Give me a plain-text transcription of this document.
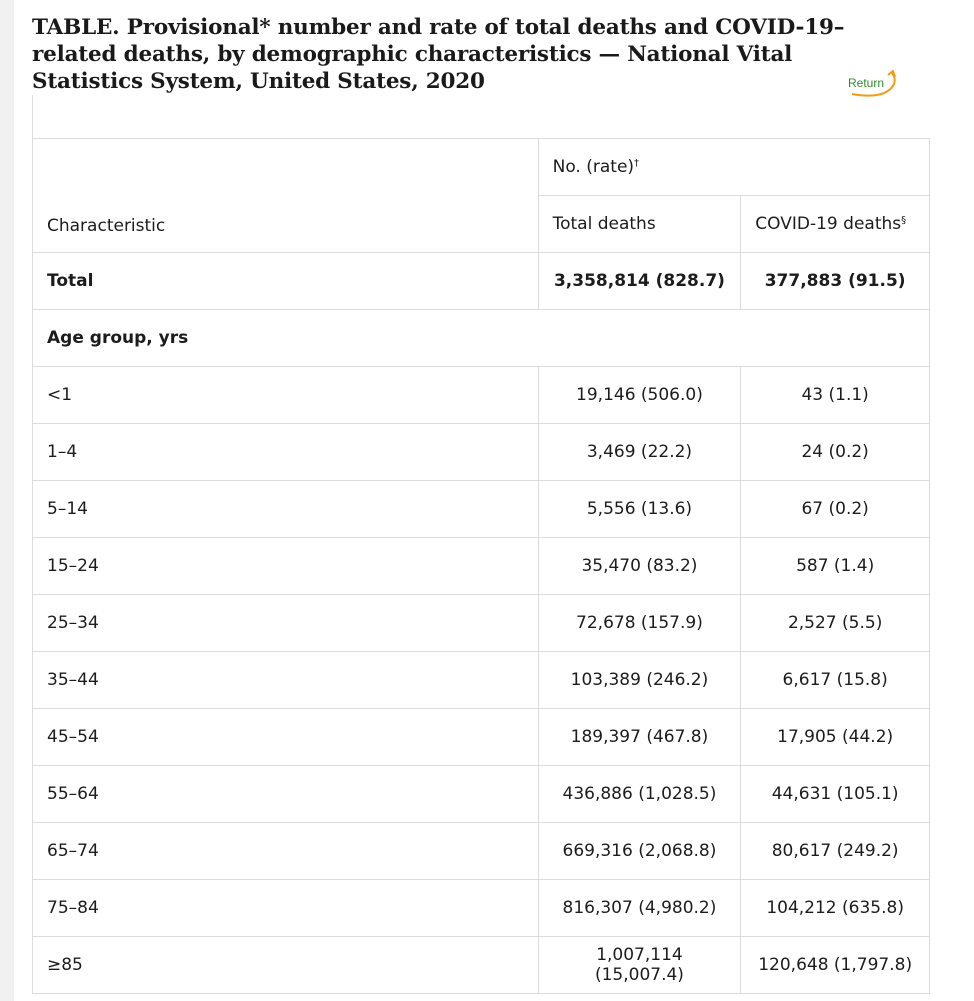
TABLE. Provisional* number and rate of total deaths and COVID-19–related deaths, by demographic characteristics — National Vital Statistics System, United States, 2020	Return
Characteristic	No. (rate)†
	Total deaths	COVID-19 deaths§
Total	3,358,814 (828.7)	377,883 (91.5)
Age group, yrs		
<1	19,146 (506.0)	43 (1.1)
1–4	3,469 (22.2)	24 (0.2)
5–14	5,556 (13.6)	67 (0.2)
15–24	35,470 (83.2)	587 (1.4)
25–34	72,678 (157.9)	2,527 (5.5)
35–44	103,389 (246.2)	6,617 (15.8)
45–54	189,397 (467.8)	17,905 (44.2)
55–64	436,886 (1,028.5)	44,631 (105.1)
65–74	669,316 (2,068.8)	80,617 (249.2)
75–84	816,307 (4,980.2)	104,212 (635.8)
≥85	1,007,114 (15,007.4)	120,648 (1,797.8)
